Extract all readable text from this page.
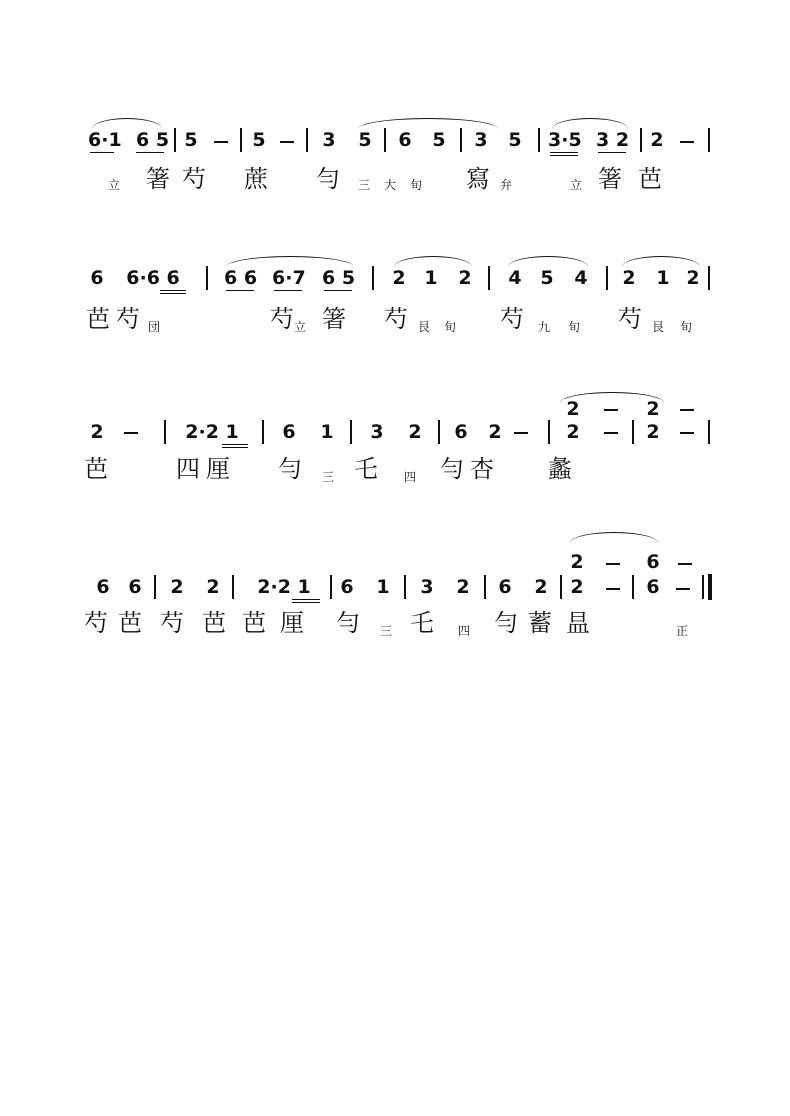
6·1 6 5 5	5	3 5 6 5 3 5 3·5 3 2 2
立 箸 芍 蔗 勻 三 大 旬 寫 弁	立 箸 芭
6	6·6 6	6 6 6·7 6 5 2 1 2 4 5 4 2 1 2
芭 芍 団	芍 立 箸 芍 艮 旬 芍 九 旬 芍 艮 旬
2	2
2	2·2 1	6 1 3 2 6 2	2	2
芭	四 厘 勻 三 乇 四 勻 杏 蠡
2	6
6 6 2 2	2·2 1	6 1 3 2 6 2 2	6
芍 芭 芍 芭 芭 厘 勻 三 乇 四 勻 蓄 昷	正
